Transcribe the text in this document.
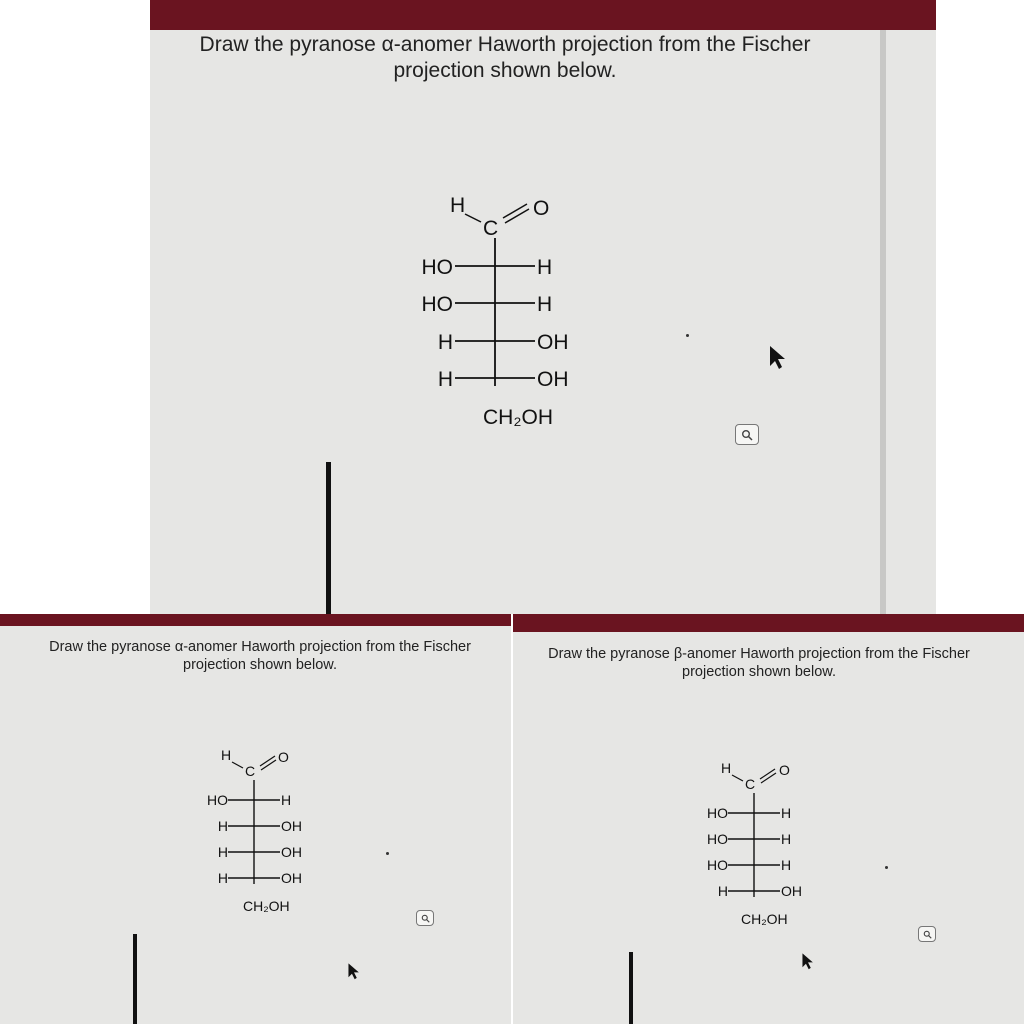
Draw the pyranose α-anomer Haworth projection from the Fischer projection shown below.

H
C
O
HO	H
HO	H
H	OH
H	OH
CH₂OH

Draw the pyranose α-anomer Haworth projection from the Fischer projection shown below.

H
C
O
HO	H
H	OH
H	OH
H	OH
CH₂OH

Draw the pyranose β-anomer Haworth projection from the Fischer projection shown below.

H
C
O
HO	H
HO	H
HO	H
H	OH
CH₂OH
